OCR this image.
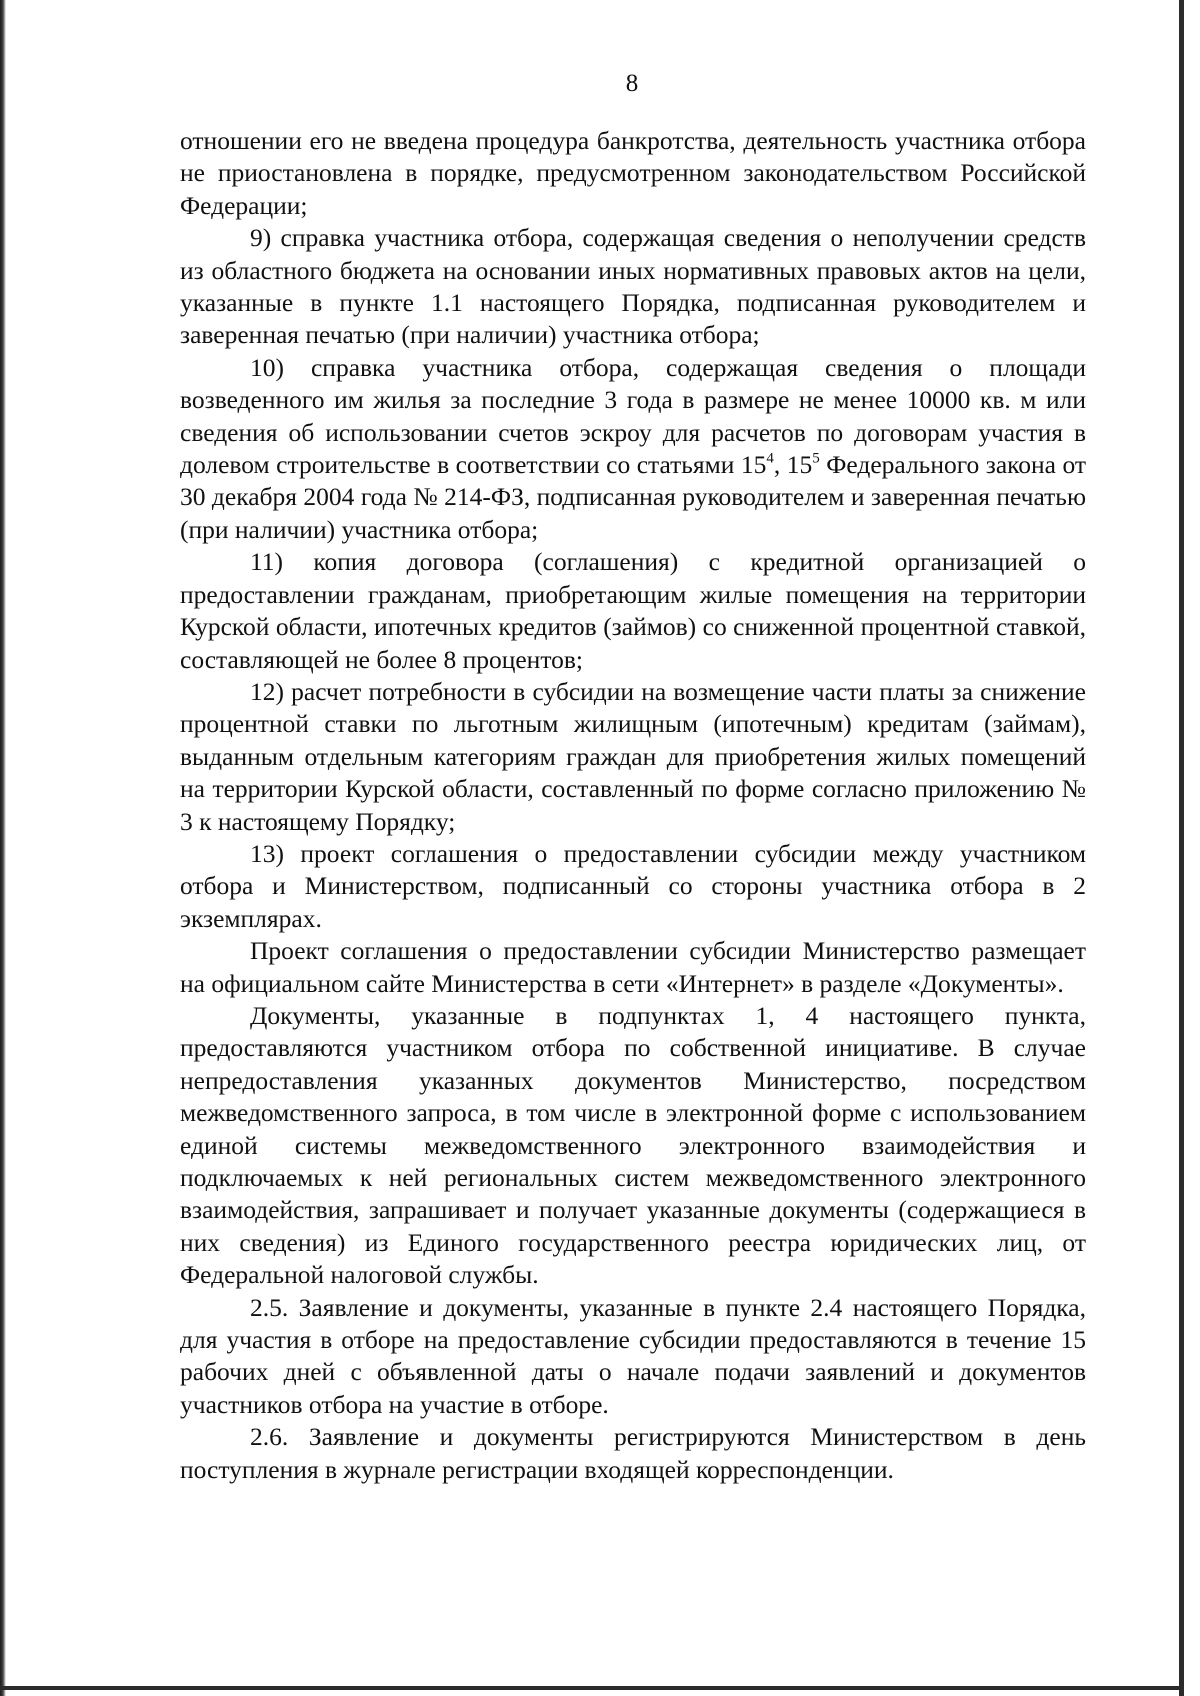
8

отношении его не введена процедура банкротства, деятельность участника отбора не приостановлена в порядке, предусмотренном законодательством Российской Федерации;

9) справка участника отбора, содержащая сведения о неполучении средств из областного бюджета на основании иных нормативных правовых актов на цели, указанные в пункте 1.1 настоящего Порядка, подписанная руководителем и заверенная печатью (при наличии) участника отбора;

10) справка участника отбора, содержащая сведения о площади возведенного им жилья за последние 3 года в размере не менее 10000 кв. м или сведения об использовании счетов эскроу для расчетов по договорам участия в долевом строительстве в соответствии со статьями $15^4$, $15^5$ Федерального закона от 30 декабря 2004 года № 214-ФЗ, подписанная руководителем и заверенная печатью (при наличии) участника отбора;

11) копия договора (соглашения) с кредитной организацией о предоставлении гражданам, приобретающим жилые помещения на территории Курской области, ипотечных кредитов (займов) со сниженной процентной ставкой, составляющей не более 8 процентов;

12) расчет потребности в субсидии на возмещение части платы за снижение процентной ставки по льготным жилищным (ипотечным) кредитам (займам), выданным отдельным категориям граждан для приобретения жилых помещений на территории Курской области, составленный по форме согласно приложению № 3 к настоящему Порядку;

13) проект соглашения о предоставлении субсидии между участником отбора и Министерством, подписанный со стороны участника отбора в 2 экземплярах.

Проект соглашения о предоставлении субсидии Министерство размещает на официальном сайте Министерства в сети «Интернет» в разделе «Документы».

Документы, указанные в подпунктах 1, 4 настоящего пункта, предоставляются участником отбора по собственной инициативе. В случае непредоставления указанных документов Министерство, посредством межведомственного запроса, в том числе в электронной форме с использованием единой системы межведомственного электронного взаимодействия и подключаемых к ней региональных систем межведомственного электронного взаимодействия, запрашивает и получает указанные документы (содержащиеся в них сведения) из Единого государственного реестра юридических лиц, от Федеральной налоговой службы.

2.5. Заявление и документы, указанные в пункте 2.4 настоящего Порядка, для участия в отборе на предоставление субсидии предоставляются в течение 15 рабочих дней с объявленной даты о начале подачи заявлений и документов участников отбора на участие в отборе.

2.6. Заявление и документы регистрируются Министерством в день поступления в журнале регистрации входящей корреспонденции.
